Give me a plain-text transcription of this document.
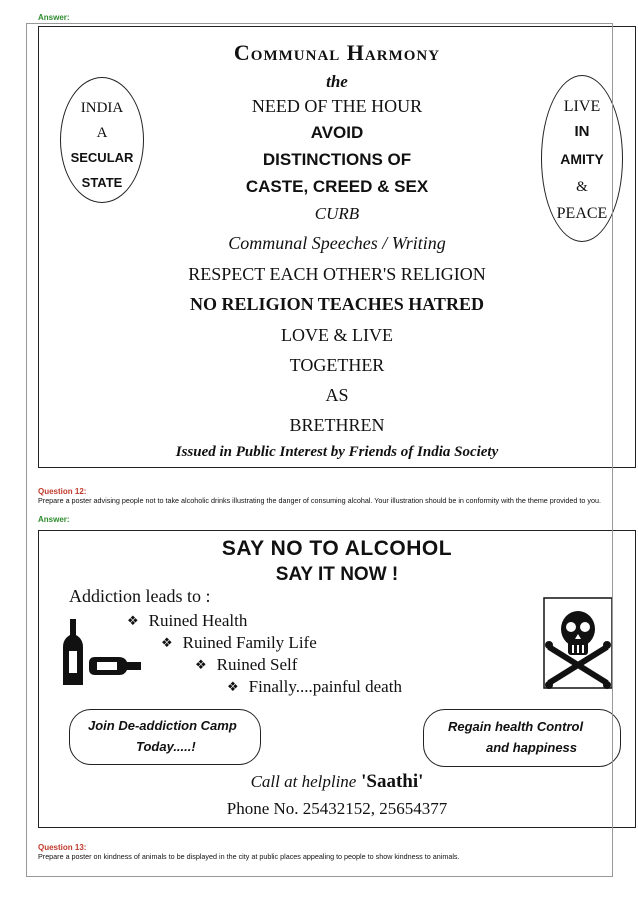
Answer:
Communal Harmony
the
NEED OF THE HOUR
AVOID
DISTINCTIONS OF
CASTE, CREED & SEX
CURB
Communal Speeches / Writing
RESPECT EACH OTHER'S RELIGION
NO RELIGION TEACHES HATRED
LOVE & LIVE
TOGETHER
AS
BRETHREN
Issued in Public Interest by Friends of India Society
INDIA
A
SECULAR
STATE
LIVE
IN
AMITY
&
PEACE
Question 12:
Prepare a poster advising people not to take alcoholic drinks illustrating the danger of consuming alcohal. Your illustration should be in conformity with the theme provided to you.
Answer:
SAY NO TO ALCOHOL
SAY IT NOW !
Addiction leads to :
❖ Ruined Health
❖ Ruined Family Life
❖ Ruined Self
❖ Finally....painful death
Join De-addiction Camp
Today.....!
Regain health Control
and happiness
Call at helpline 'Saathi'
Phone No. 25432152, 25654377
Question 13:
Prepare a poster on kindness of animals to be displayed in the city at public places appealing to people to show kindness to animals.
